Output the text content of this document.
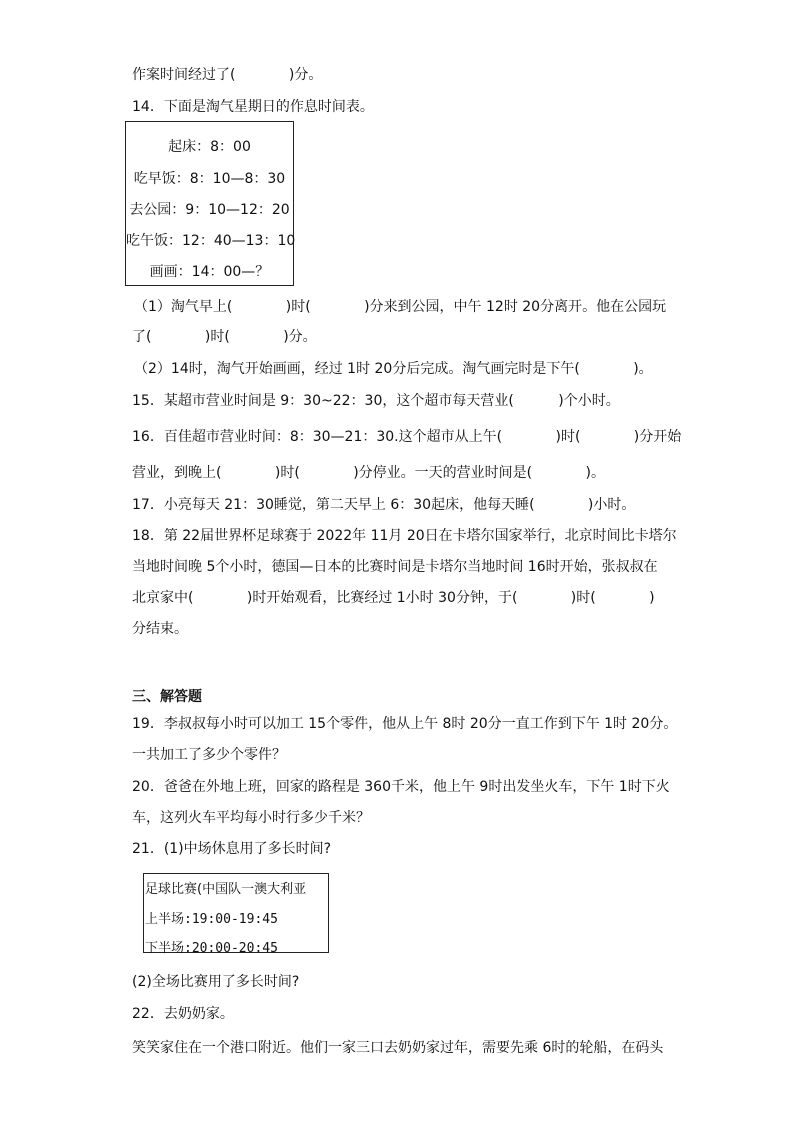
作案时间经过了(            )分。
14．下面是淘气星期日的作息时间表。
起床：8：00
吃早饭：8：10—8：30
去公园：9：10—12：20
吃午饭：12：40—13：10
画画：14：00—？
（1）淘气早上(            )时(            )分来到公园，中午 12时 20分离开。他在公园玩
了(            )时(            )分。
（2）14时，淘气开始画画，经过 1时 20分后完成。淘气画完时是下午(            )。
15．某超市营业时间是 9：30~22：30，这个超市每天营业(          )个小时。
16．百佳超市营业时间：8：30—21：30.这个超市从上午(            )时(            )分开始
营业，到晚上(            )时(            )分停业。一天的营业时间是(            )。
17．小亮每天 21：30睡觉，第二天早上 6：30起床，他每天睡(            )小时。
18．第 22届世界杯足球赛于 2022年 11月 20日在卡塔尔国家举行，北京时间比卡塔尔
当地时间晚 5个小时，德国—日本的比赛时间是卡塔尔当地时间 16时开始，张叔叔在
北京家中(            )时开始观看，比赛经过 1小时 30分钟，于(            )时(            )
分结束。
三、解答题
19．李叔叔每小时可以加工 15个零件，他从上午 8时 20分一直工作到下午 1时 20分。
一共加工了多少个零件？
20．爸爸在外地上班，回家的路程是 360千米，他上午 9时出发坐火车，下午 1时下火
车，这列火车平均每小时行多少千米？
21．(1)中场休息用了多长时间?
足球比赛(中国队一澳大利亚
上半场:19:00-19:45
下半场:20:00-20:45
(2)全场比赛用了多长时间?
22．去奶奶家。
笑笑家住在一个港口附近。他们一家三口去奶奶家过年，需要先乘 6时的轮船，在码头
